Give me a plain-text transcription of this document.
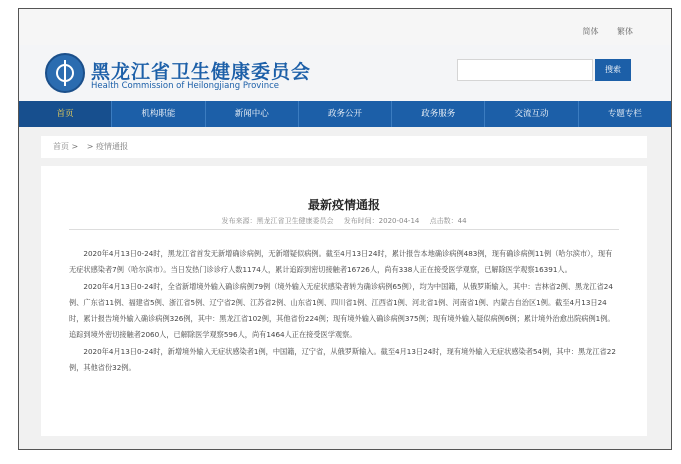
简体 繁体
黑龙江省卫生健康委员会
Health Commission of Heilongjiang Province
搜索
首页	机构职能	新闻中心	政务公开	政务服务	交流互动	专题专栏
首页 > > 疫情通报
最新疫情通报
发布来源：黑龙江省卫生健康委员会 发布时间：2020-04-14 点击数：44

2020年4月13日0-24时，黑龙江省首发无新增确诊病例，无新增疑似病例。截至4月13日24时，累计报告本地确诊病例483例，现有确诊病例11例（哈尔滨市），现有无症状感染者7例（哈尔滨市）。当日发热门诊诊疗人数1174人，累计追踪到密切接触者16726人，尚有338人正在接受医学观察，已解除医学观察16391人。

2020年4月13日0-24时，全省新增境外输入确诊病例79例（境外输入无症状感染者转为确诊病例65例），均为中国籍，从俄罗斯输入，其中：吉林省2例、黑龙江省24例、广东省11例、福建省5例、浙江省5例、辽宁省2例、江苏省2例、山东省1例、四川省1例、江西省1例、河北省1例、河南省1例、内蒙古自治区1例。截至4月13日24时，累计报告境外输入确诊病例326例，其中：黑龙江省102例，其他省份224例；现有境外输入确诊病例375例；现有境外输入疑似病例6例；累计境外治愈出院病例1例。追踪到境外密切接触者2060人，已解除医学观察596人，尚有1464人正在接受医学观察。

2020年4月13日0-24时，新增境外输入无症状感染者1例，中国籍，辽宁省，从俄罗斯输入。截至4月13日24时，现有境外输入无症状感染者54例，其中：黑龙江省22例，其他省份32例。
